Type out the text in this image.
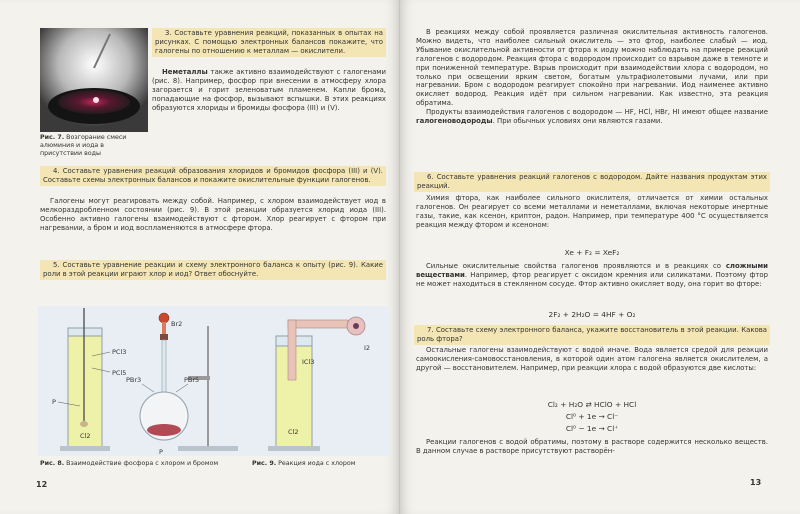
3. Составьте уравнения реакций, показанных в опытах на рисунках. С помощью электронных балансов покажите, что галогены по отношению к металлам — окислители.

Неметаллы также активно взаимодействуют с галогенами (рис. 8). Например, фосфор при внесении в атмосферу хлора загорается и горит зеленоватым пламенем. Капли брома, попадающие на фосфор, вызывают вспышки. В этих реакциях образуются хлориды и бромиды фосфора (III) и (V).

Рис. 7. Возгорание смеси алюминия и иода в присутствии воды

4. Составьте уравнения реакций образования хлоридов и бромидов фосфора (III) и (V). Составьте схемы электронных балансов и покажите окислительные функции галогенов.

Галогены могут реагировать между собой. Например, с хлором взаимодействует иод в мелкораздробленном состоянии (рис. 9). В этой реакции образуется хлорид иода (III). Особенно активно галогены взаимодействуют с фтором. Хлор реагирует с фтором при нагревании, а бром и иод воспламеняются в атмосфере фтора.

5. Составьте уравнение реакции и схему электронного баланса к опыту (рис. 9). Какие роли в этой реакции играют хлор и иод? Ответ обоснуйте.

PCl3
PCl5
P
Cl2
Br2
PBr3	PBr5
P
ICl3
I2
Cl2
Рис. 8. Взаимодействие фосфора с хлором и бромом	Рис. 9. Реакция иода с хлором
12

В реакциях между собой проявляется различная окислительная активность галогенов. Можно видеть, что наиболее сильный окислитель — это фтор, наиболее слабый — иод. Убывание окислительной активности от фтора к иоду можно наблюдать на примере реакций галогенов с водородом. Реакция фтора с водородом происходит со взрывом даже в темноте и при пониженной температуре. Взрыв происходит при взаимодействии хлора с водородом, но только при освещении ярким светом, богатым ультрафиолетовыми лучами, или при нагревании. Бром с водородом реагирует спокойно при нагревании. Иод наименее активно окисляет водород. Реакция идёт при сильном нагревании. Как известно, эта реакция обратима.

Продукты взаимодействия галогенов с водородом — HF, HCl, HBr, HI имеют общее название галогеноводороды. При обычных условиях они являются газами.

6. Составьте уравнения реакций галогенов с водородом. Дайте названия продуктам этих реакций.

Химия фтора, как наиболее сильного окислителя, отличается от химии остальных галогенов. Он реагирует со всеми металлами и неметаллами, включая некоторые инертные газы, такие, как ксенон, криптон, радон. Например, при температуре 400 °С осуществляется реакция между фтором и ксеноном:

Xe + F₂ = XeF₂

Сильные окислительные свойства галогенов проявляются и в реакциях со сложными веществами. Например, фтор реагирует с оксидом кремния или силикатами. Поэтому фтор не может находиться в стеклянном сосуде. Фтор активно окисляет воду, она горит во фторе:

2F₂ + 2H₂O = 4HF + O₂

7. Составьте схему электронного баланса, укажите восстановитель в этой реакции. Какова роль фтора?

Остальные галогены взаимодействуют с водой иначе. Вода является средой для реакции самоокисления-самовосстановления, в которой один атом галогена является окислителем, а другой — восстановителем. Например, при реакции хлора с водой образуются две кислоты:

Cl₂ + H₂O ⇄ HClO + HCl
Cl⁰ + 1e → Cl⁻
Cl⁰ − 1e → Cl⁺

Реакции галогенов с водой обратимы, поэтому в растворе содержится несколько веществ. В данном случае в растворе присутствуют растворён-

13
